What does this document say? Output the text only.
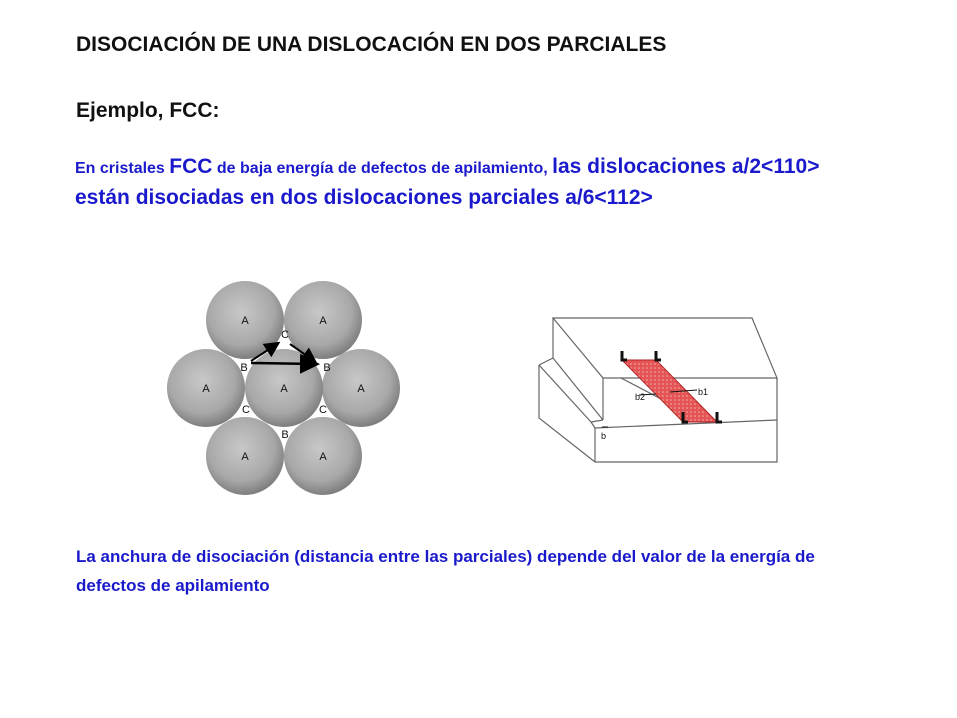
DISOCIACIÓN DE UNA DISLOCACIÓN EN DOS PARCIALES
Ejemplo, FCC:
En cristales FCC de baja energía de defectos de apilamiento, las dislocaciones a/2<110> están disociadas en dos dislocaciones parciales a/6<112>
A	A
A	A	A
A	A
B	B
B
C
C	C
b1
b2
b
La anchura de disociación (distancia entre las parciales) depende del valor de la energía de defectos de apilamiento
